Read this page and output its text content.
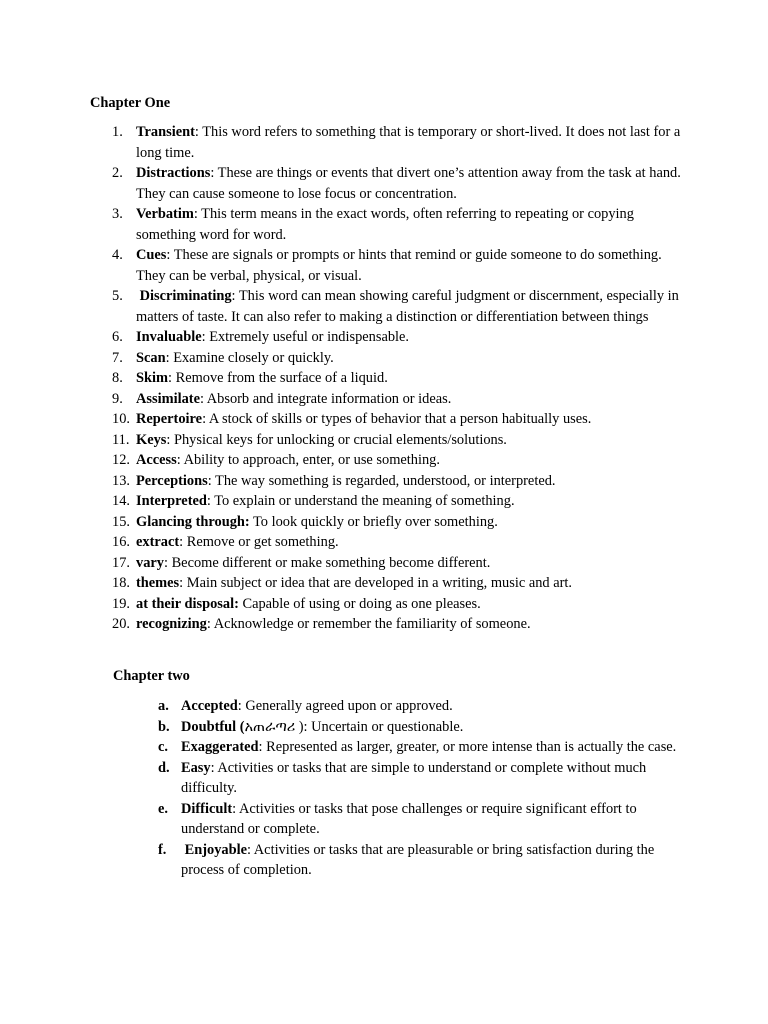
Chapter One
1. Transient: This word refers to something that is temporary or short-lived. It does not last for a long time.
2. Distractions: These are things or events that divert one’s attention away from the task at hand. They can cause someone to lose focus or concentration.
3. Verbatim: This term means in the exact words, often referring to repeating or copying something word for word.
4. Cues: These are signals or prompts or hints that remind or guide someone to do something. They can be verbal, physical, or visual.
5. Discriminating: This word can mean showing careful judgment or discernment, especially in matters of taste. It can also refer to making a distinction or differentiation between things
6. Invaluable: Extremely useful or indispensable.
7. Scan: Examine closely or quickly.
8. Skim: Remove from the surface of a liquid.
9. Assimilate: Absorb and integrate information or ideas.
10. Repertoire: A stock of skills or types of behavior that a person habitually uses.
11. Keys: Physical keys for unlocking or crucial elements/solutions.
12. Access: Ability to approach, enter, or use something.
13. Perceptions: The way something is regarded, understood, or interpreted.
14. Interpreted: To explain or understand the meaning of something.
15. Glancing through: To look quickly or briefly over something.
16. extract: Remove or get something.
17. vary: Become different or make something become different.
18. themes: Main subject or idea that are developed in a writing, music and art.
19. at their disposal: Capable of using or doing as one pleases.
20. recognizing: Acknowledge or remember the familiarity of someone.
Chapter two
a. Accepted: Generally agreed upon or approved.
b. Doubtful (አጠራጣሪ ): Uncertain or questionable.
c. Exaggerated: Represented as larger, greater, or more intense than is actually the case.
d. Easy: Activities or tasks that are simple to understand or complete without much difficulty.
e. Difficult: Activities or tasks that pose challenges or require significant effort to understand or complete.
f. Enjoyable: Activities or tasks that are pleasurable or bring satisfaction during the process of completion.
